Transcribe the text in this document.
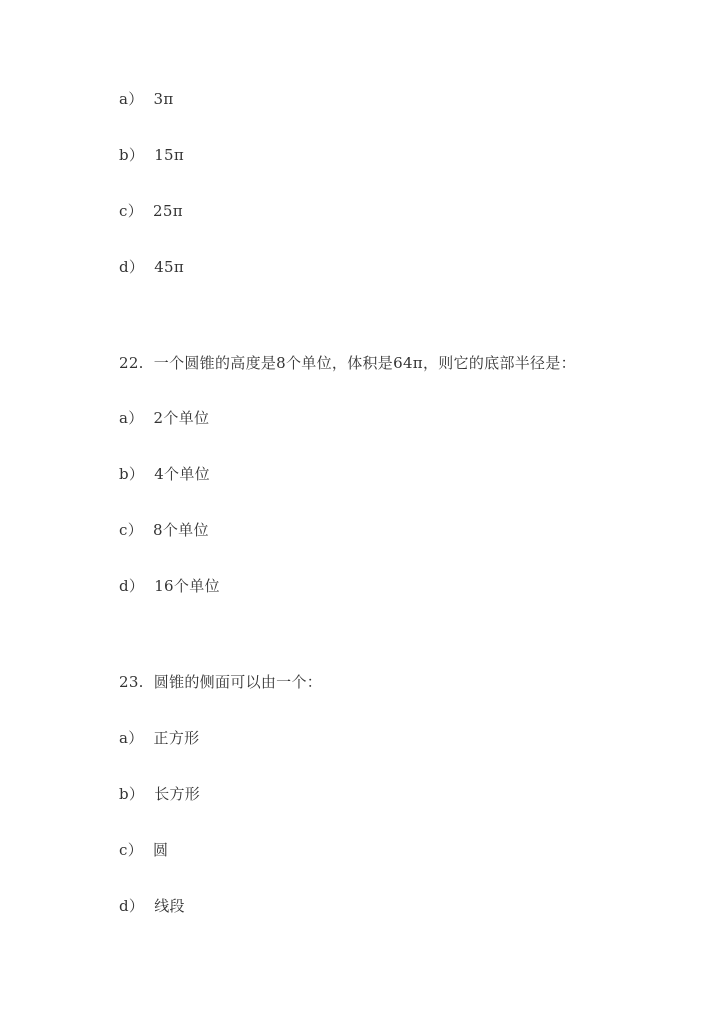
a） 3π
b） 15π
c） 25π
d） 45π
22. 一个圆锥的高度是8个单位，体积是64π，则它的底部半径是：
a） 2个单位
b） 4个单位
c） 8个单位
d） 16个单位
23. 圆锥的侧面可以由一个：
a） 正方形
b） 长方形
c） 圆
d） 线段
